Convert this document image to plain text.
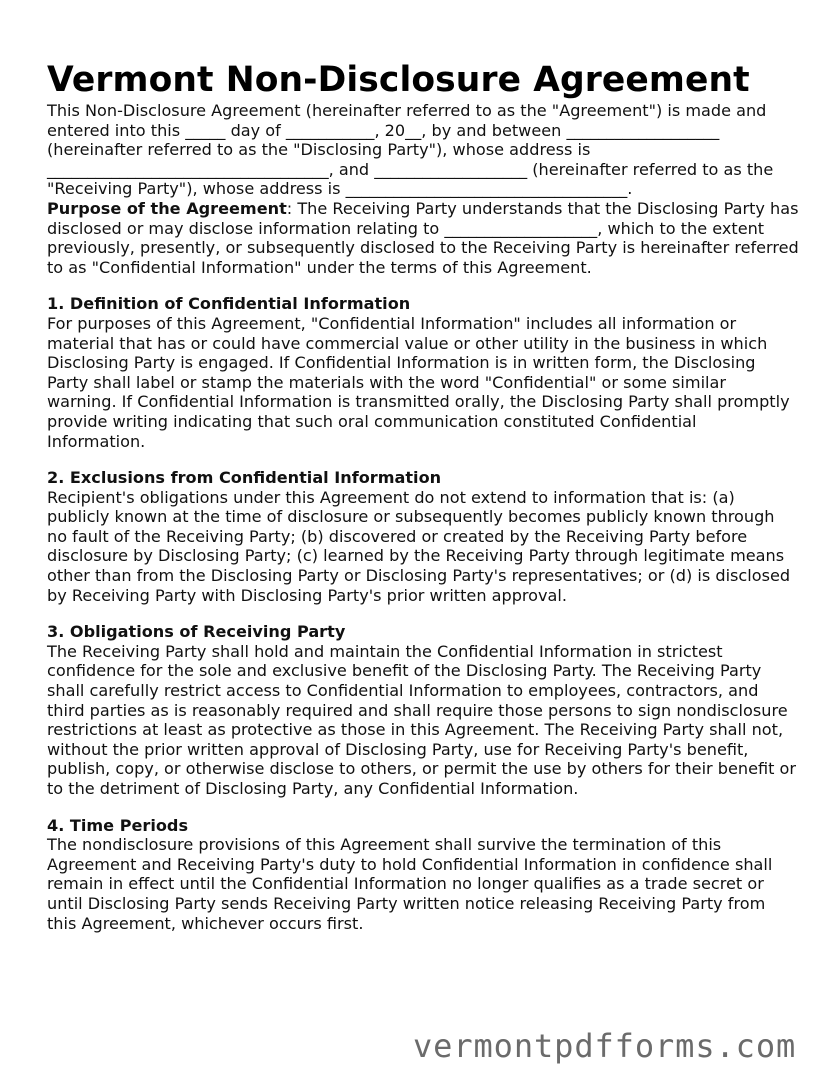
Vermont Non-Disclosure Agreement

This Non-Disclosure Agreement (hereinafter referred to as the "Agreement") is made and entered into this _____ day of ___________, 20__, by and between ___________________ (hereinafter referred to as the "Disclosing Party"), whose address is ___________________________________, and ___________________ (hereinafter referred to as the "Receiving Party"), whose address is ___________________________________.

Purpose of the Agreement: The Receiving Party understands that the Disclosing Party has disclosed or may disclose information relating to ___________________, which to the extent previously, presently, or subsequently disclosed to the Receiving Party is hereinafter referred to as "Confidential Information" under the terms of this Agreement.

1. Definition of Confidential Information

For purposes of this Agreement, "Confidential Information" includes all information or material that has or could have commercial value or other utility in the business in which Disclosing Party is engaged. If Confidential Information is in written form, the Disclosing Party shall label or stamp the materials with the word "Confidential" or some similar warning. If Confidential Information is transmitted orally, the Disclosing Party shall promptly provide writing indicating that such oral communication constituted Confidential Information.

2. Exclusions from Confidential Information

Recipient's obligations under this Agreement do not extend to information that is: (a) publicly known at the time of disclosure or subsequently becomes publicly known through no fault of the Receiving Party; (b) discovered or created by the Receiving Party before disclosure by Disclosing Party; (c) learned by the Receiving Party through legitimate means other than from the Disclosing Party or Disclosing Party's representatives; or (d) is disclosed by Receiving Party with Disclosing Party's prior written approval.

3. Obligations of Receiving Party

The Receiving Party shall hold and maintain the Confidential Information in strictest confidence for the sole and exclusive benefit of the Disclosing Party. The Receiving Party shall carefully restrict access to Confidential Information to employees, contractors, and third parties as is reasonably required and shall require those persons to sign nondisclosure restrictions at least as protective as those in this Agreement. The Receiving Party shall not, without the prior written approval of Disclosing Party, use for Receiving Party's benefit, publish, copy, or otherwise disclose to others, or permit the use by others for their benefit or to the detriment of Disclosing Party, any Confidential Information.

4. Time Periods

The nondisclosure provisions of this Agreement shall survive the termination of this Agreement and Receiving Party's duty to hold Confidential Information in confidence shall remain in effect until the Confidential Information no longer qualifies as a trade secret or until Disclosing Party sends Receiving Party written notice releasing Receiving Party from this Agreement, whichever occurs first.

vermontpdfforms.com
